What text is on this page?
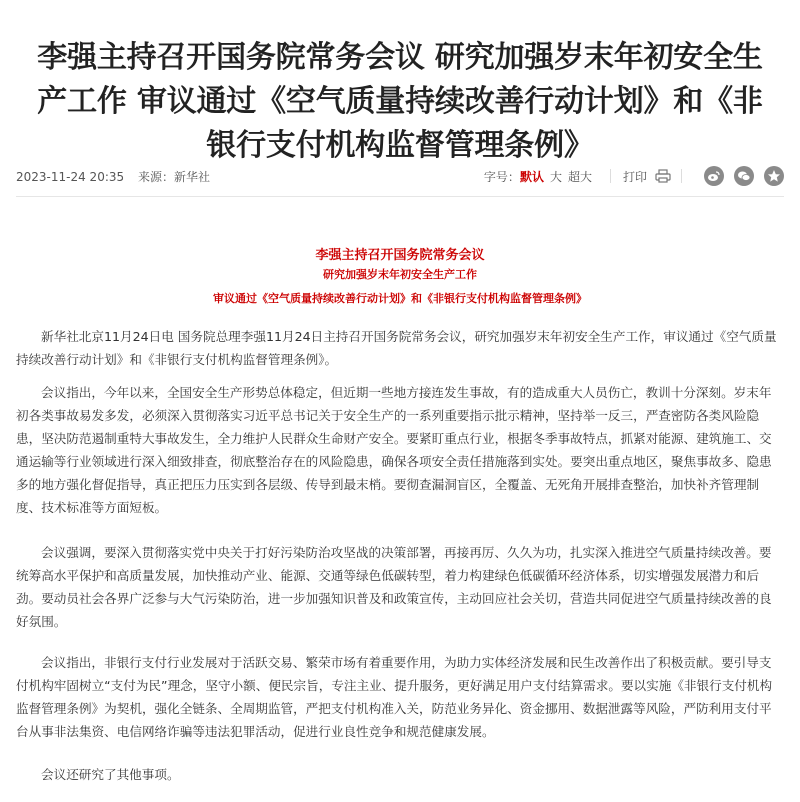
李强主持召开国务院常务会议 研究加强岁末年初安全生产工作 审议通过《空气质量持续改善行动计划》和《非银行支付机构监督管理条例》
2023-11-24 20:35 来源：新华社	字号：默认 大 超大	打印
李强主持召开国务院常务会议
研究加强岁末年初安全生产工作
审议通过《空气质量持续改善行动计划》和《非银行支付机构监督管理条例》

新华社北京11月24日电 国务院总理李强11月24日主持召开国务院常务会议，研究加强岁末年初安全生产工作，审议通过《空气质量持续改善行动计划》和《非银行支付机构监督管理条例》。

会议指出，今年以来，全国安全生产形势总体稳定，但近期一些地方接连发生事故，有的造成重大人员伤亡，教训十分深刻。岁末年初各类事故易发多发，必须深入贯彻落实习近平总书记关于安全生产的一系列重要指示批示精神，坚持举一反三，严查密防各类风险隐患，坚决防范遏制重特大事故发生，全力维护人民群众生命财产安全。要紧盯重点行业，根据冬季事故特点，抓紧对能源、建筑施工、交通运输等行业领域进行深入细致排查，彻底整治存在的风险隐患，确保各项安全责任措施落到实处。要突出重点地区，聚焦事故多、隐患多的地方强化督促指导，真正把压力压实到各层级、传导到最末梢。要彻查漏洞盲区，全覆盖、无死角开展排查整治，加快补齐管理制度、技术标准等方面短板。

会议强调，要深入贯彻落实党中央关于打好污染防治攻坚战的决策部署，再接再厉、久久为功，扎实深入推进空气质量持续改善。要统筹高水平保护和高质量发展，加快推动产业、能源、交通等绿色低碳转型，着力构建绿色低碳循环经济体系，切实增强发展潜力和后劲。要动员社会各界广泛参与大气污染防治，进一步加强知识普及和政策宣传，主动回应社会关切，营造共同促进空气质量持续改善的良好氛围。

会议指出，非银行支付行业发展对于活跃交易、繁荣市场有着重要作用，为助力实体经济发展和民生改善作出了积极贡献。要引导支付机构牢固树立“支付为民”理念，坚守小额、便民宗旨，专注主业、提升服务，更好满足用户支付结算需求。要以实施《非银行支付机构监督管理条例》为契机，强化全链条、全周期监管，严把支付机构准入关，防范业务异化、资金挪用、数据泄露等风险，严防利用支付平台从事非法集资、电信网络诈骗等违法犯罪活动，促进行业良性竞争和规范健康发展。

会议还研究了其他事项。
